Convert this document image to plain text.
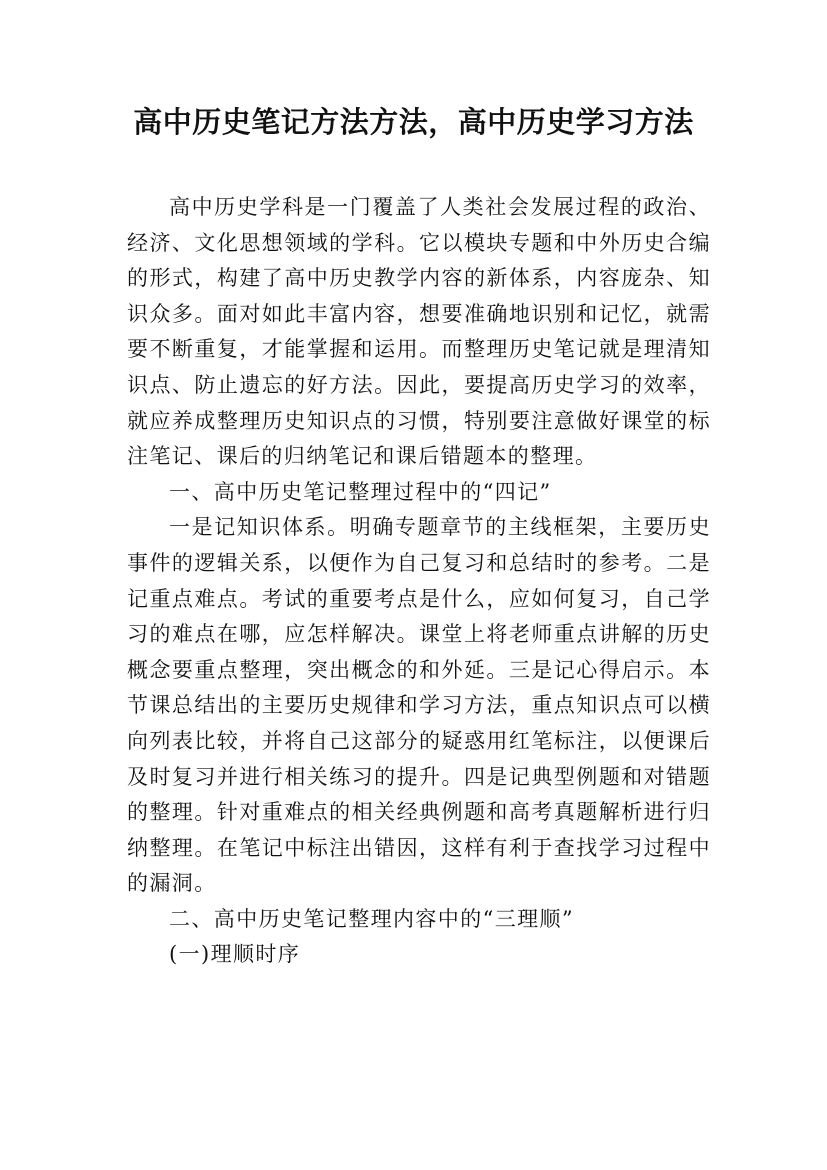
高中历史笔记方法方法，高中历史学习方法

高中历史学科是一门覆盖了人类社会发展过程的政治、经济、文化思想领域的学科。它以模块专题和中外历史合编的形式，构建了高中历史教学内容的新体系，内容庞杂、知识众多。面对如此丰富内容，想要准确地识别和记忆，就需要不断重复，才能掌握和运用。而整理历史笔记就是理清知识点、防止遗忘的好方法。因此，要提高历史学习的效率，就应养成整理历史知识点的习惯，特别要注意做好课堂的标注笔记、课后的归纳笔记和课后错题本的整理。

一、高中历史笔记整理过程中的“四记”

一是记知识体系。明确专题章节的主线框架，主要历史事件的逻辑关系，以便作为自己复习和总结时的参考。二是记重点难点。考试的重要考点是什么，应如何复习，自己学习的难点在哪，应怎样解决。课堂上将老师重点讲解的历史概念要重点整理，突出概念的和外延。三是记心得启示。本节课总结出的主要历史规律和学习方法，重点知识点可以横向列表比较，并将自己这部分的疑惑用红笔标注，以便课后及时复习并进行相关练习的提升。四是记典型例题和对错题的整理。针对重难点的相关经典例题和高考真题解析进行归纳整理。在笔记中标注出错因，这样有利于查找学习过程中的漏洞。

二、高中历史笔记整理内容中的“三理顺”

(一)理顺时序
